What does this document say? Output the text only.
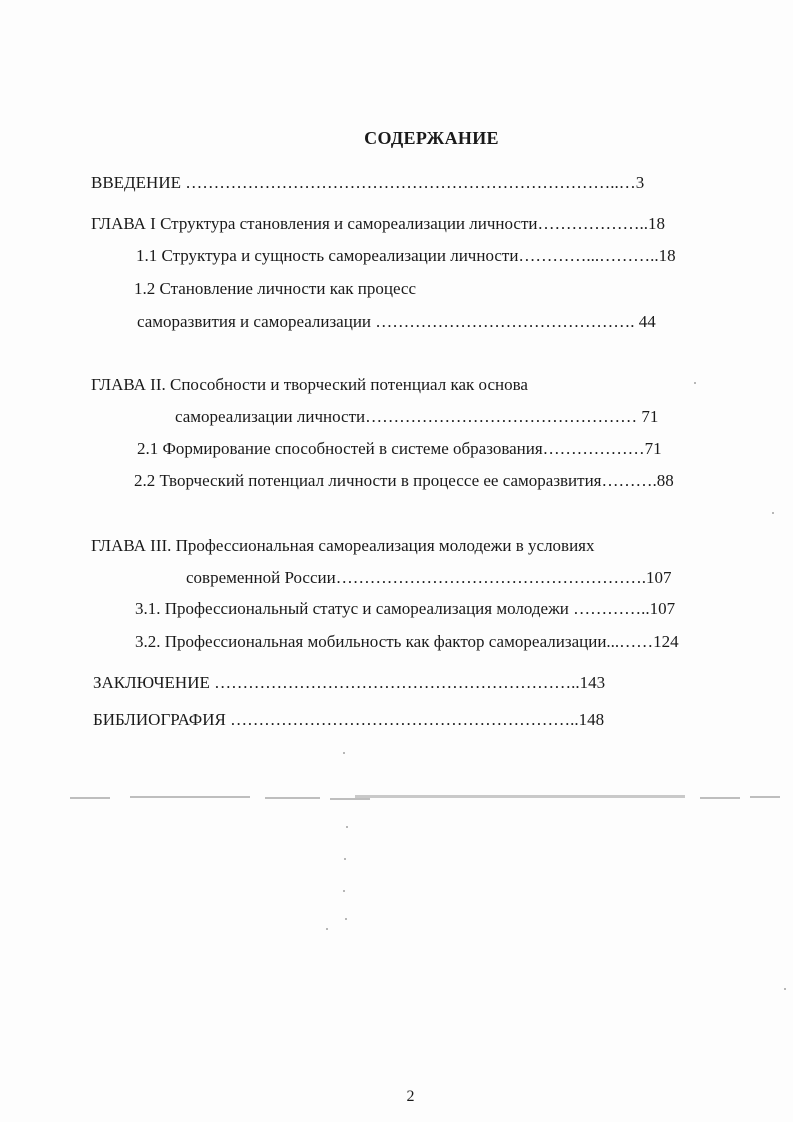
СОДЕРЖАНИЕ
ВВЕДЕНИЕ …………………………………………………………………..…3
ГЛАВА I Структура становления и самореализации личности………………..18
1.1 Структура и сущность самореализации личности…………...………..18
1.2 Становление личности как процесс
саморазвития и самореализации ………………………………………. 44
ГЛАВА II. Способности и творческий потенциал как основа
самореализации личности………………………………………… 71
2.1 Формирование способностей в системе образования………………71
2.2 Творческий потенциал личности в процессе ее саморазвития……….88
ГЛАВА III. Профессиональная самореализация молодежи в условиях
современной России……………………………………………….107
3.1. Профессиональный статус и самореализация молодежи …………..107
3.2. Профессиональная мобильность как фактор самореализации...……124
ЗАКЛЮЧЕНИЕ ………………………………………………………..143
БИБЛИОГРАФИЯ ……………………………………………………..148
2
